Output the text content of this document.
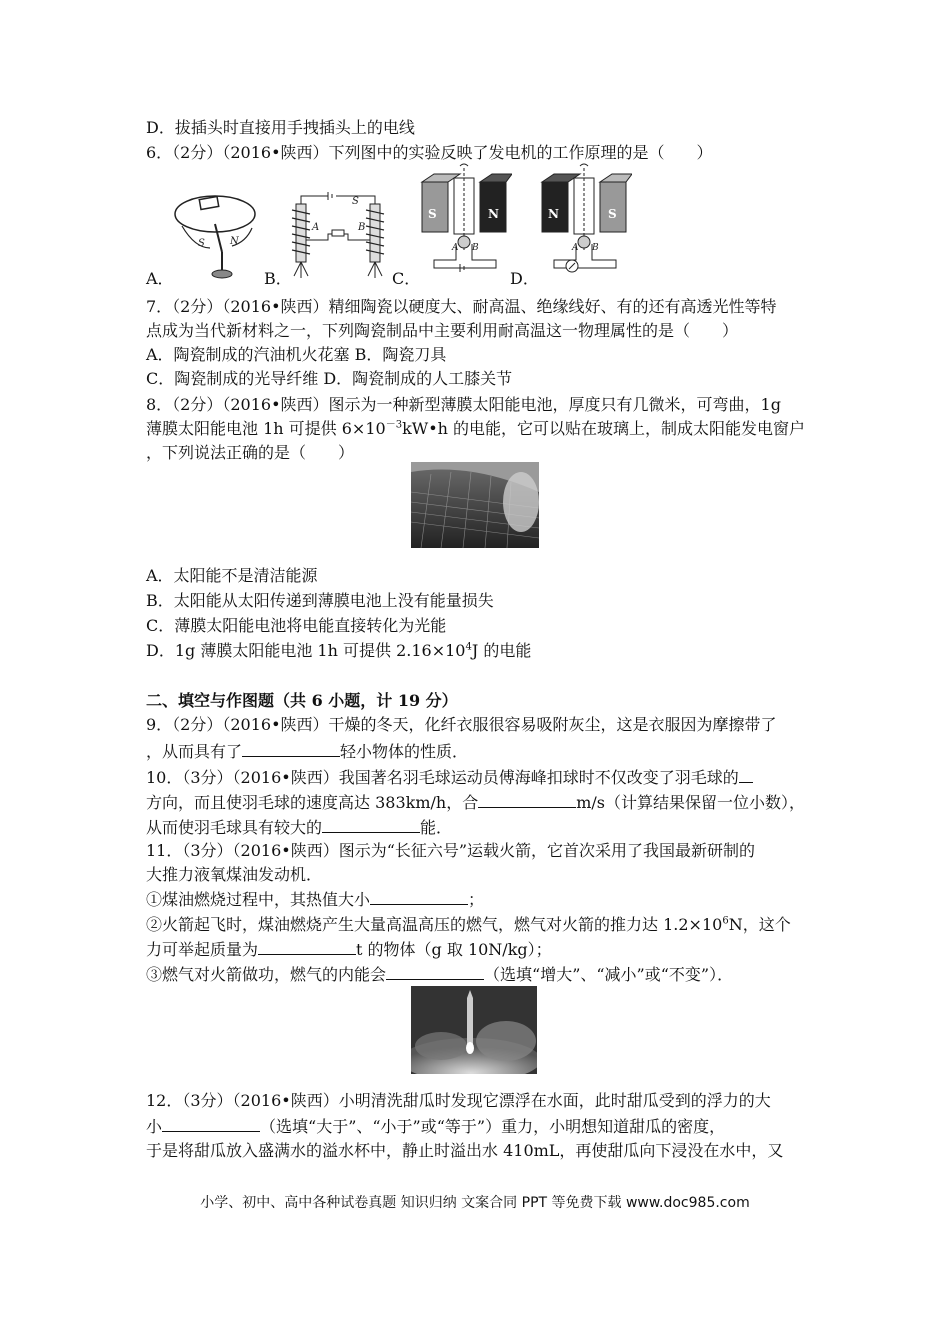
D．拔插头时直接用手拽插头上的电线
6．（2分）（2016•陕西）下列图中的实验反映了发电机的工作原理的是（　　）
A．
S	N
B．
A	B
S
C．
S	N
A B
D．
N	S
A B
7．（2分）（2016•陕西）精细陶瓷以硬度大、耐高温、绝缘线好、有的还有高透光性等特
点成为当代新材料之一，下列陶瓷制品中主要利用耐高温这一物理属性的是（　　）
A．陶瓷制成的汽油机火花塞 B．陶瓷刀具
C．陶瓷制成的光导纤维 D．陶瓷制成的人工膝关节
8．（2分）（2016•陕西）图示为一种新型薄膜太阳能电池，厚度只有几微米，可弯曲，1g
薄膜太阳能电池 1h 可提供 $6\times 10^{-3}kW•h$ 的电能，它可以贴在玻璃上，制成太阳能发电窗户
，下列说法正确的是（　　）
A．太阳能不是清洁能源
B．太阳能从太阳传递到薄膜电池上没有能量损失
C．薄膜太阳能电池将电能直接转化为光能
D．1g 薄膜太阳能电池 1h 可提供 $2.16\times 10^4J$ 的电能
二、填空与作图题（共 6 小题，计 19 分）
9．（2分）（2016•陕西）干燥的冬天，化纤衣服很容易吸附灰尘，这是衣服因为摩擦带了
，从而具有了	轻小物体的性质．
10．（3分）（2016•陕西）我国著名羽毛球运动员傅海峰扣球时不仅改变了羽毛球的
方向，而且使羽毛球的速度高达 383km/h，合	m/s（计算结果保留一位小数），
从而使羽毛球具有较大的	能．
11．（3分）（2016•陕西）图示为“长征六号”运载火箭，它首次采用了我国最新研制的
大推力液氧煤油发动机．
①煤油燃烧过程中，其热值大小	；
②火箭起飞时，煤油燃烧产生大量高温高压的燃气，燃气对火箭的推力达 $1.2\times 10^6N$，这个
力可举起质量为	t 的物体（g 取 10N/kg）；
③燃气对火箭做功，燃气的内能会	（选填“增大”、“减小”或“不变”）．
12．（3分）（2016•陕西）小明清洗甜瓜时发现它漂浮在水面，此时甜瓜受到的浮力的大
小	（选填“大于”、“小于”或“等于”）重力，小明想知道甜瓜的密度，
于是将甜瓜放入盛满水的溢水杯中，静止时溢出水 410mL，再使甜瓜向下浸没在水中，又
小学、初中、高中各种试卷真题 知识归纳 文案合同 PPT 等免费下载 www.doc985.com
